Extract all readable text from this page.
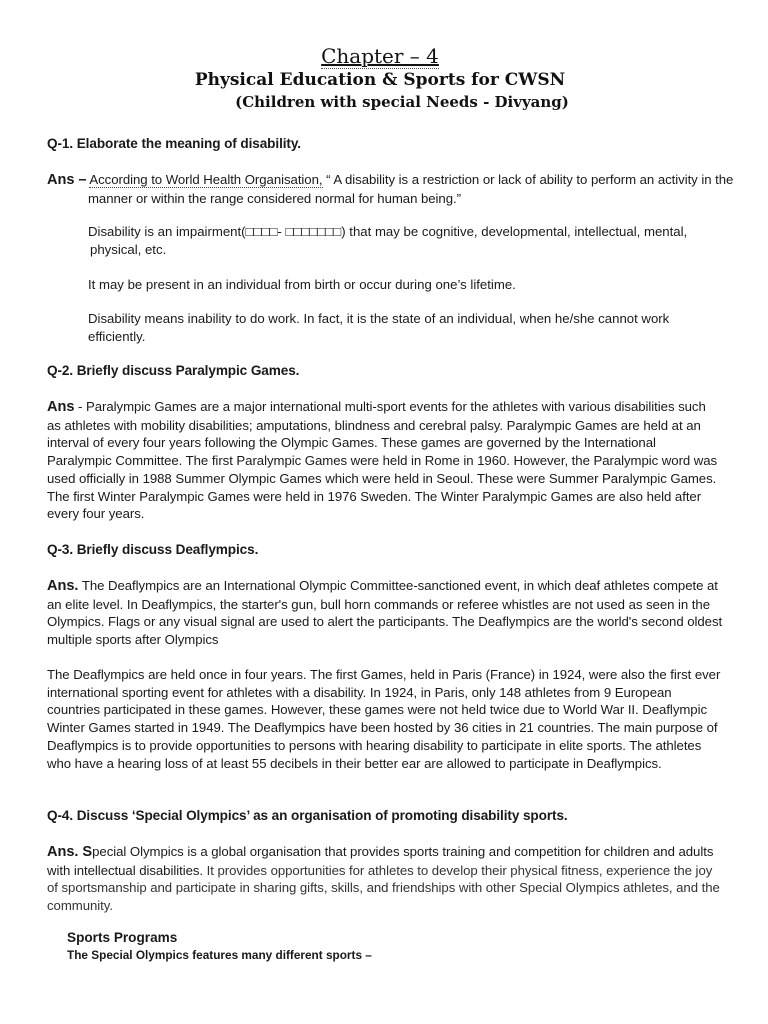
Chapter – 4
Physical Education & Sports for CWSN
(Children with special Needs - Divyang)
Q-1. Elaborate the meaning of disability.
Ans – According to World Health Organisation, “ A disability is a restriction or lack of ability to perform an activity in the manner or within the range considered normal for human being.”
Disability is an impairment(□□□□- □□□□□□□) that may be cognitive, developmental, intellectual, mental, physical, etc.
It may be present in an individual from birth or occur during one’s lifetime.
Disability means inability to do work. In fact, it is the state of an individual, when he/she cannot work efficiently.
Q-2. Briefly discuss Paralympic Games.
Ans - Paralympic Games are a major international multi-sport events for the athletes with various disabilities such as athletes with mobility disabilities; amputations, blindness and cerebral palsy. Paralympic Games are held at an interval of every four years following the Olympic Games. These games are governed by the International Paralympic Committee. The first Paralympic Games were held in Rome in 1960. However, the Paralympic word was used officially in 1988 Summer Olympic Games which were held in Seoul. These were Summer Paralympic Games. The first Winter Paralympic Games were held in 1976 Sweden. The Winter Paralympic Games are also held after every four years.
Q-3. Briefly discuss Deaflympics.
Ans. The Deaflympics are an International Olympic Committee-sanctioned event, in which deaf athletes compete at an elite level. In Deaflympics, the starter's gun, bull horn commands or referee whistles are not used as seen in the Olympics. Flags or any visual signal are used to alert the participants. The Deaflympics are the world's second oldest multiple sports after Olympics
The Deaflympics are held once in four years. The first Games, held in Paris (France) in 1924, were also the first ever international sporting event for athletes with a disability. In 1924, in Paris, only 148 athletes from 9 European countries participated in these games. However, these games were not held twice due to World War II. Deaflympic Winter Games started in 1949. The Deaflympics have been hosted by 36 cities in 21 countries. The main purpose of Deaflympics is to provide opportunities to persons with hearing disability to participate in elite sports. The athletes who have a hearing loss of at least 55 decibels in their better ear are allowed to participate in Deaflympics.
Q-4. Discuss ‘Special Olympics’ as an organisation of promoting disability sports.
Ans. Special Olympics is a global organisation that provides sports training and competition for children and adults with intellectual disabilities. It provides opportunities for athletes to develop their physical fitness, experience the joy of sportsmanship and participate in sharing gifts, skills, and friendships with other Special Olympics athletes, and the community.
Sports Programs
The Special Olympics features many different sports –
